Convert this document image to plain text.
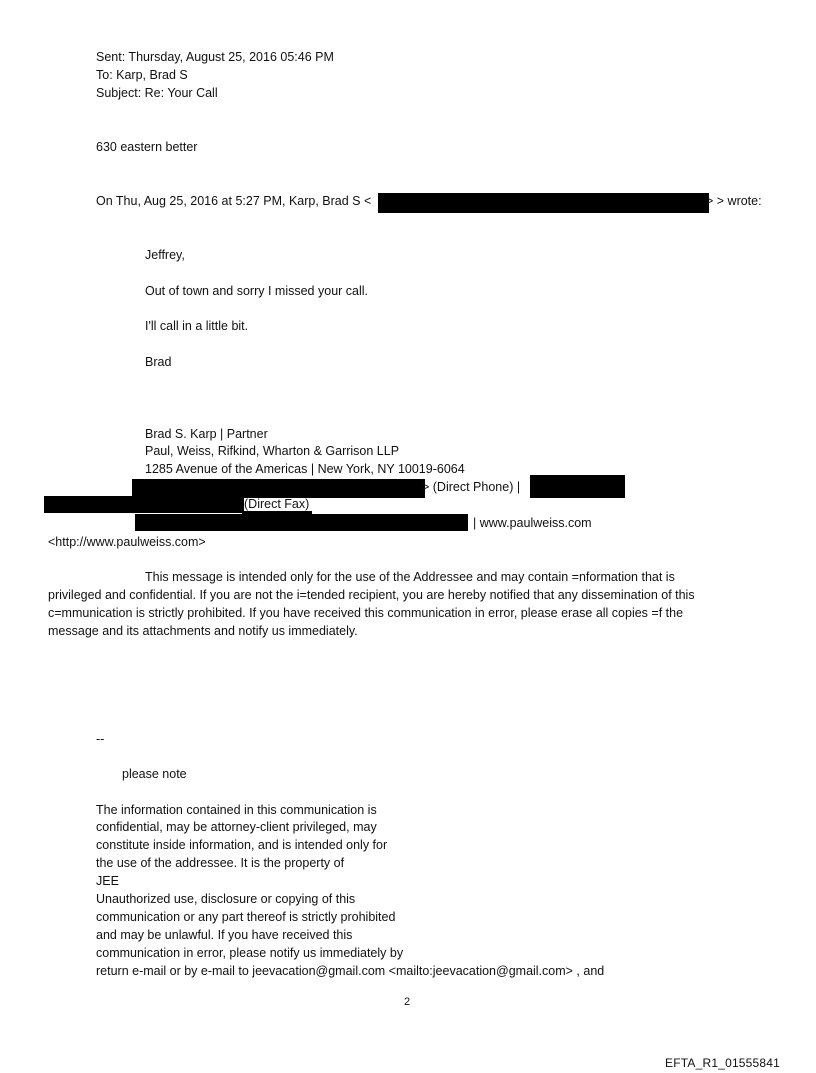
Sent: Thursday, August 25, 2016 05:46 PM
To: Karp, Brad S
Subject: Re: Your Call
630 eastern better
On Thu, Aug 25, 2016 at 5:27 PM, Karp, Brad S <	> > wrote:
Jeffrey,
Out of town and sorry I missed your call.
I'll call in a little bit.
Brad
Brad S. Karp | Partner
Paul, Weiss, Rifkind, Wharton & Garrison LLP
1285 Avenue of the Americas | New York, NY 10019-6064
> (Direct Phone) |
(Direct Fax)
| www.paulweiss.com
<http://www.paulweiss.com>
This message is intended only for the use of the Addressee and may contain =nformation that is
privileged and confidential. If you are not the i=tended recipient, you are hereby notified that any dissemination of this
c=mmunication is strictly prohibited. If you have received this communication in error, please erase all copies =f the
message and its attachments and notify us immediately.
--
please note
The information contained in this communication is
confidential, may be attorney-client privileged, may
constitute inside information, and is intended only for
the use of the addressee. It is the property of
JEE
Unauthorized use, disclosure or copying of this
communication or any part thereof is strictly prohibited
and may be unlawful. If you have received this
communication in error, please notify us immediately by
return e-mail or by e-mail to jeevacation@gmail.com <mailto:jeevacation@gmail.com> , and
2
EFTA_R1_01555841
